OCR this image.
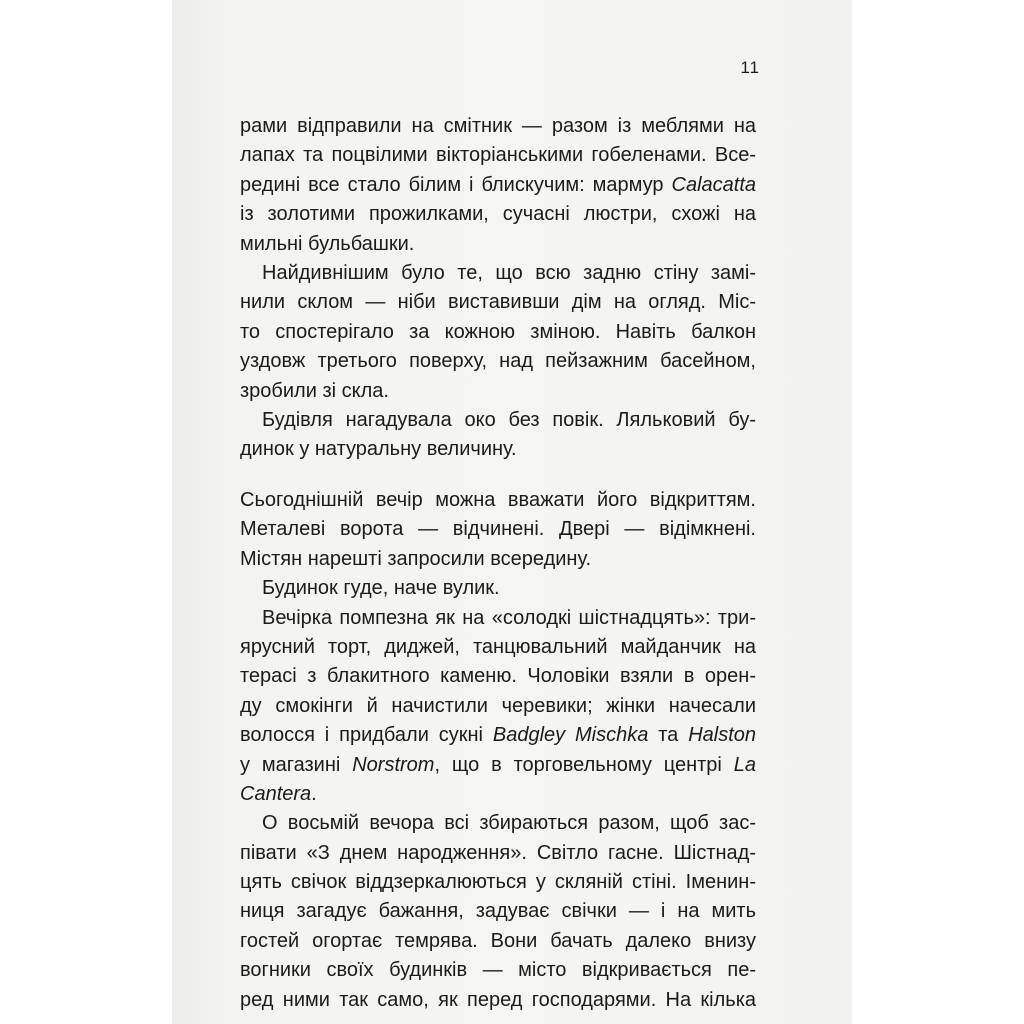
11
рами відправили на смітник — разом із меблями на
лапах та поцвілими вікторіанськими гобеленами. Все-
редині все стало білим і блискучим: мармур Calacatta
із золотими прожилками, сучасні люстри, схожі на
мильні бульбашки.
Найдивнішим було те, що всю задню стіну замі-
нили склом — ніби виставивши дім на огляд. Міс-
то спостерігало за кожною зміною. Навіть балкон
уздовж третього поверху, над пейзажним басейном,
зробили зі скла.
Будівля нагадувала око без повік. Ляльковий бу-
динок у натуральну величину.
Сьогоднішній вечір можна вважати його відкриттям.
Металеві ворота — відчинені. Двері — відімкнені.
Містян нарешті запросили всередину.
Будинок гуде, наче вулик.
Вечірка помпезна як на «солодкі шістнадцять»: три-
ярусний торт, диджей, танцювальний майданчик на
терасі з блакитного каменю. Чоловіки взяли в орен-
ду смокінги й начистили черевики; жінки начесали
волосся і придбали сукні Badgley Mischka та Halston
у магазині Norstrom, що в торговельному центрі La
Cantera.
О восьмій вечора всі збираються разом, щоб зас-
півати «З днем народження». Світло гасне. Шістнад-
цять свічок віддзеркалюються у скляній стіні. Іменин-
ниця загадує бажання, задуває свічки — і на мить
гостей огортає темрява. Вони бачать далеко внизу
вогники своїх будинків — місто відкривається пе-
ред ними так само, як перед господарями. На кілька
